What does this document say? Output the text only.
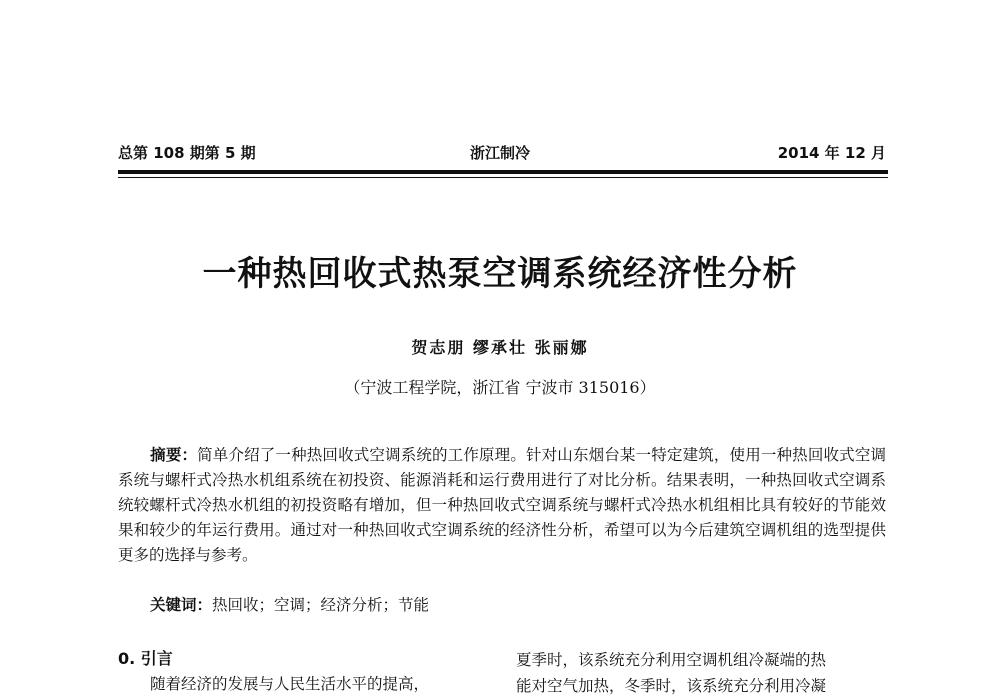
总第 108 期第 5 期	浙江制冷	2014 年 12 月
一种热回收式热泵空调系统经济性分析
贺志朋 缪承壮 张丽娜
（宁波工程学院，浙江省 宁波市 315016）
摘要：简单介绍了一种热回收式空调系统的工作原理。针对山东烟台某一特定建筑，使用一种热回收式空调系统与螺杆式冷热水机组系统在初投资、能源消耗和运行费用进行了对比分析。结果表明，一种热回收式空调系统较螺杆式冷热水机组的初投资略有增加，但一种热回收式空调系统与螺杆式冷热水机组相比具有较好的节能效果和较少的年运行费用。通过对一种热回收式空调系统的经济性分析，希望可以为今后建筑空调机组的选型提供更多的选择与参考。
关键词：热回收；空调；经济分析；节能
0. 引言
随着经济的发展与人民生活水平的提高，
夏季时，该系统充分利用空调机组冷凝端的热
能对空气加热，冬季时，该系统充分利用冷凝
